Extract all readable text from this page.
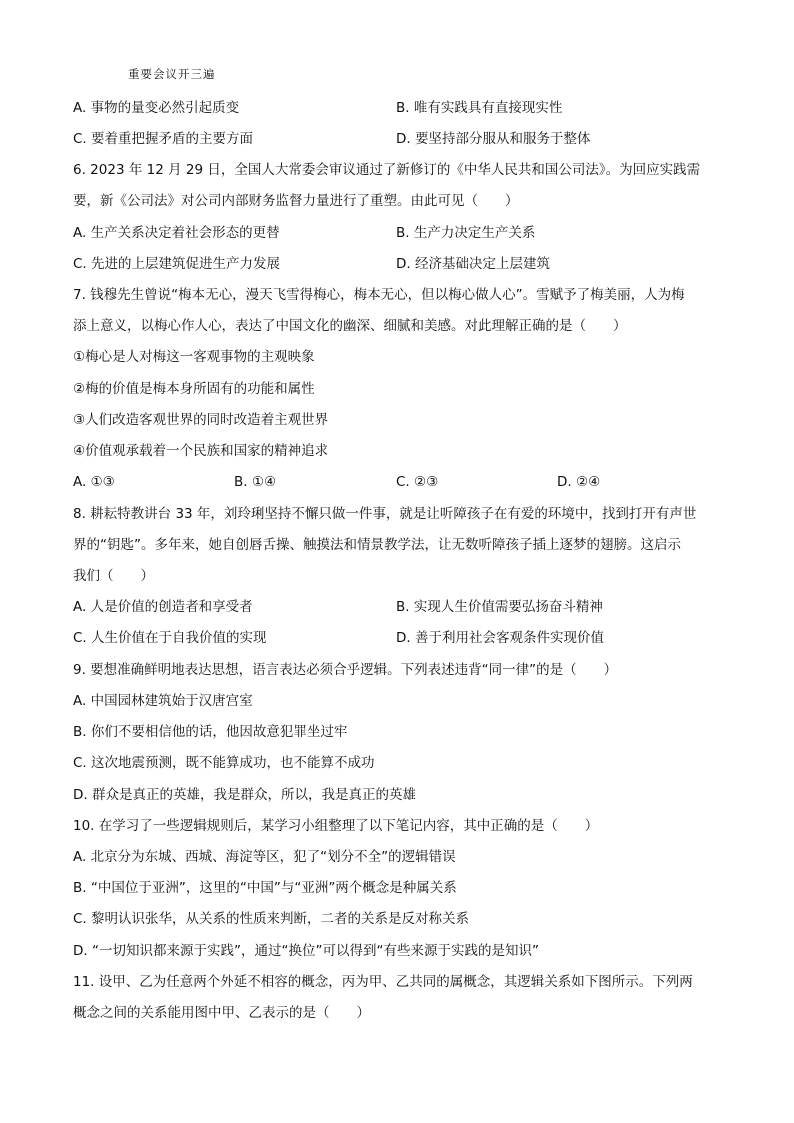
重要会议开三遍
A. 事物的量变必然引起质变	B. 唯有实践具有直接现实性
C. 要着重把握矛盾的主要方面	D. 要坚持部分服从和服务于整体
6. 2023 年 12 月 29 日，全国人大常委会审议通过了新修订的《中华人民共和国公司法》。为回应实践需
要，新《公司法》对公司内部财务监督力量进行了重塑。由此可见（　　）
A. 生产关系决定着社会形态的更替	B. 生产力决定生产关系
C. 先进的上层建筑促进生产力发展	D. 经济基础决定上层建筑
7. 钱穆先生曾说“梅本无心，漫天飞雪得梅心，梅本无心，但以梅心做人心”。雪赋予了梅美丽，人为梅
添上意义，以梅心作人心，表达了中国文化的幽深、细腻和美感。对此理解正确的是（　　）
①梅心是人对梅这一客观事物的主观映象
②梅的价值是梅本身所固有的功能和属性
③人们改造客观世界的同时改造着主观世界
④价值观承载着一个民族和国家的精神追求
A. ①③	B. ①④	C. ②③	D. ②④
8. 耕耘特教讲台 33 年，刘玲琍坚持不懈只做一件事，就是让听障孩子在有爱的环境中，找到打开有声世
界的“钥匙”。多年来，她自创唇舌操、触摸法和情景教学法，让无数听障孩子插上逐梦的翅膀。这启示
我们（　　）
A. 人是价值的创造者和享受者	B. 实现人生价值需要弘扬奋斗精神
C. 人生价值在于自我价值的实现	D. 善于利用社会客观条件实现价值
9. 要想准确鲜明地表达思想，语言表达必须合乎逻辑。下列表述违背“同一律”的是（　　）
A. 中国园林建筑始于汉唐宫室
B. 你们不要相信他的话，他因故意犯罪坐过牢
C. 这次地震预测，既不能算成功，也不能算不成功
D. 群众是真正的英雄，我是群众，所以，我是真正的英雄
10. 在学习了一些逻辑规则后，某学习小组整理了以下笔记内容，其中正确的是（　　）
A. 北京分为东城、西城、海淀等区，犯了“划分不全”的逻辑错误
B. “中国位于亚洲”，这里的“中国”与“亚洲”两个概念是种属关系
C. 黎明认识张华，从关系的性质来判断，二者的关系是反对称关系
D. “一切知识都来源于实践”，通过“换位”可以得到“有些来源于实践的是知识”
11. 设甲、乙为任意两个外延不相容的概念，丙为甲、乙共同的属概念，其逻辑关系如下图所示。下列两
概念之间的关系能用图中甲、乙表示的是（　　）
